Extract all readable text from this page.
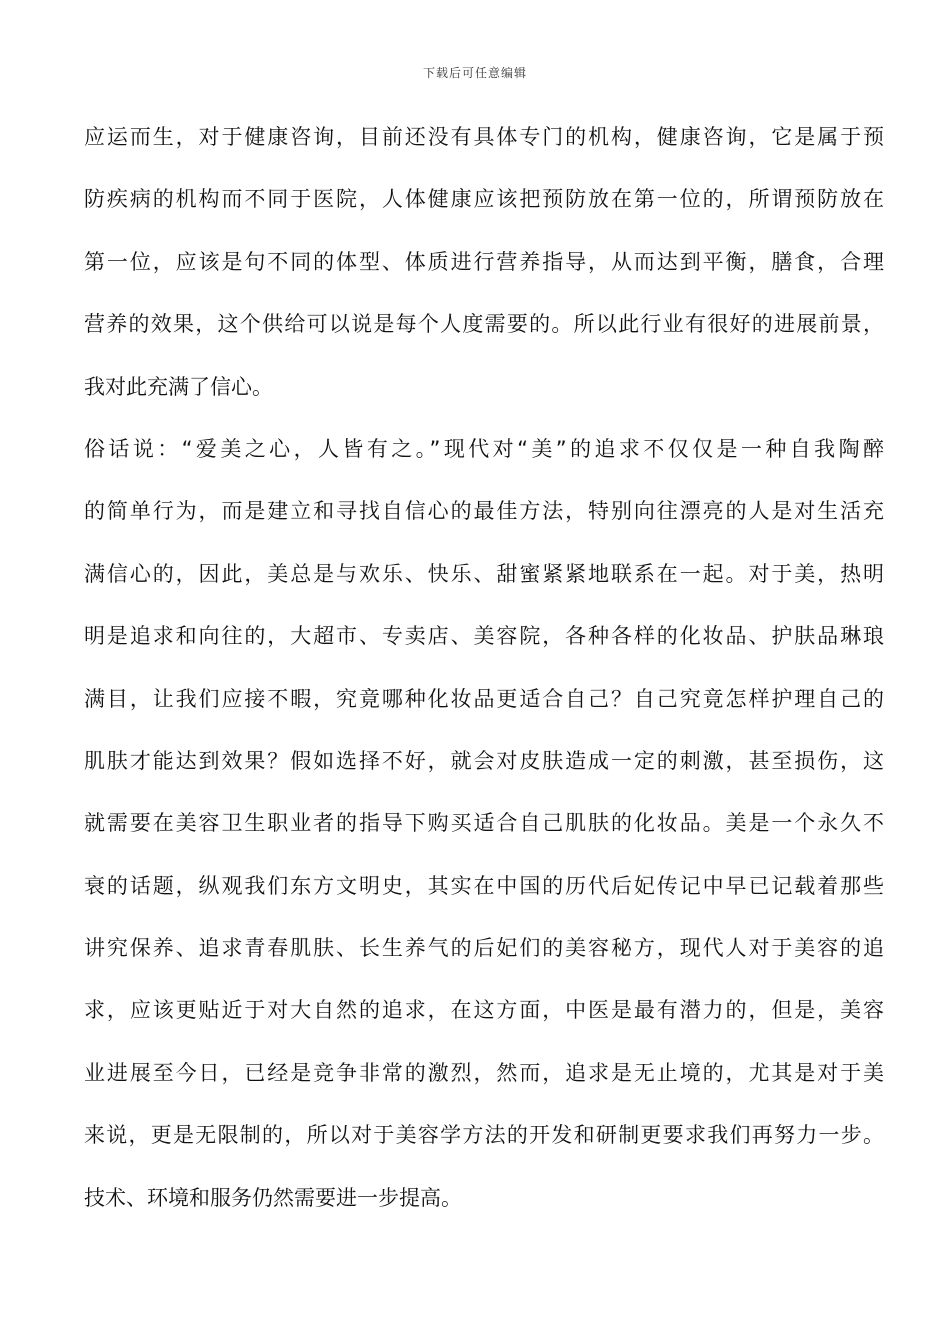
下载后可任意编辑
应运而生，对于健康咨询，目前还没有具体专门的机构，健康咨询，它是属于预
防疾病的机构而不同于医院，人体健康应该把预防放在第一位的，所谓预防放在
第一位，应该是句不同的体型、体质进行营养指导，从而达到平衡，膳食，合理
营养的效果，这个供给可以说是每个人度需要的。所以此行业有很好的进展前景，
我对此充满了信心。
俗话说：“爱美之心，人皆有之。”现代对“美”的追求不仅仅是一种自我陶醉
的简单行为，而是建立和寻找自信心的最佳方法，特别向往漂亮的人是对生活充
满信心的，因此，美总是与欢乐、快乐、甜蜜紧紧地联系在一起。对于美，热明
明是追求和向往的，大超市、专卖店、美容院，各种各样的化妆品、护肤品琳琅
满目，让我们应接不暇，究竟哪种化妆品更适合自己？自己究竟怎样护理自己的
肌肤才能达到效果？假如选择不好，就会对皮肤造成一定的刺激，甚至损伤，这
就需要在美容卫生职业者的指导下购买适合自己肌肤的化妆品。美是一个永久不
衰的话题，纵观我们东方文明史，其实在中国的历代后妃传记中早已记载着那些
讲究保养、追求青春肌肤、长生养气的后妃们的美容秘方，现代人对于美容的追
求，应该更贴近于对大自然的追求，在这方面，中医是最有潜力的，但是，美容
业进展至今日，已经是竞争非常的激烈，然而，追求是无止境的，尤其是对于美
来说，更是无限制的，所以对于美容学方法的开发和研制更要求我们再努力一步。
技术、环境和服务仍然需要进一步提高。
